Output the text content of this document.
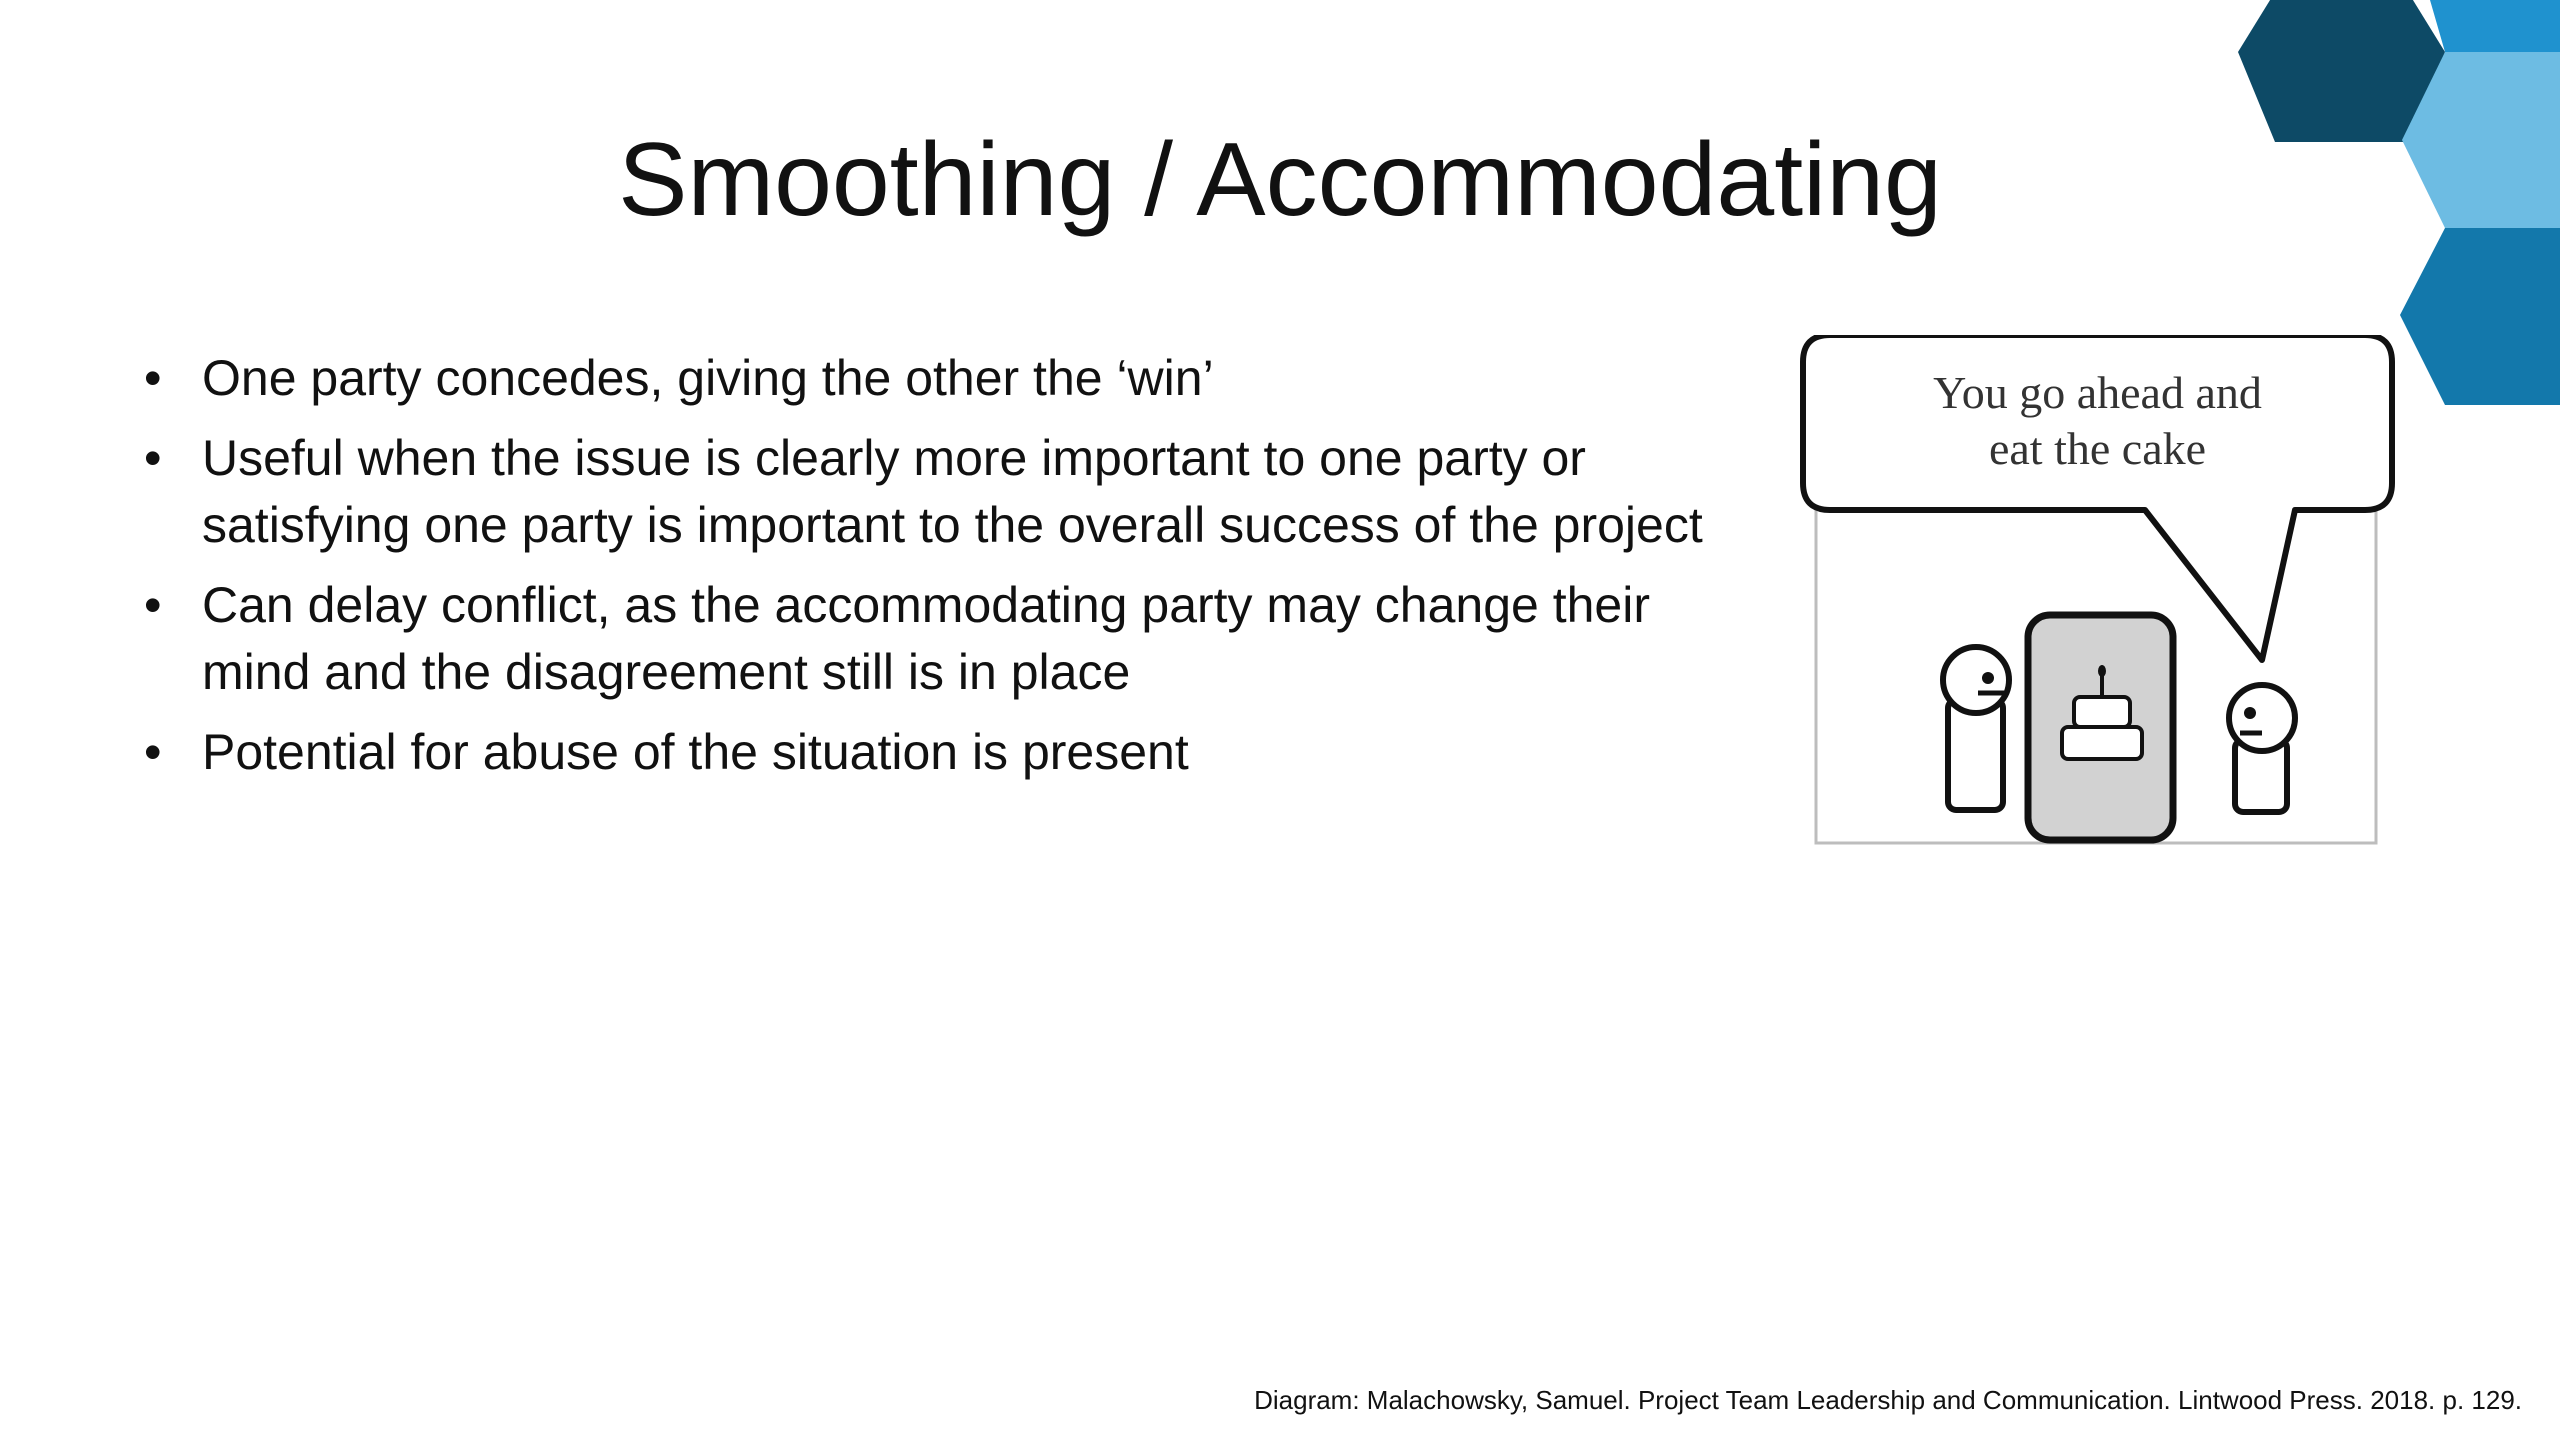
Smoothing / Accommodating
• One party concedes, giving the other the ‘win’
• Useful when the issue is clearly more important to one party or satisfying one party is important to the overall success of the project
• Can delay conflict, as the accommodating party may change their mind and the disagreement still is in place
• Potential for abuse of the situation is present
You go ahead and
eat the cake
Diagram: Malachowsky, Samuel. Project Team Leadership and Communication. Lintwood Press. 2018. p. 129.
